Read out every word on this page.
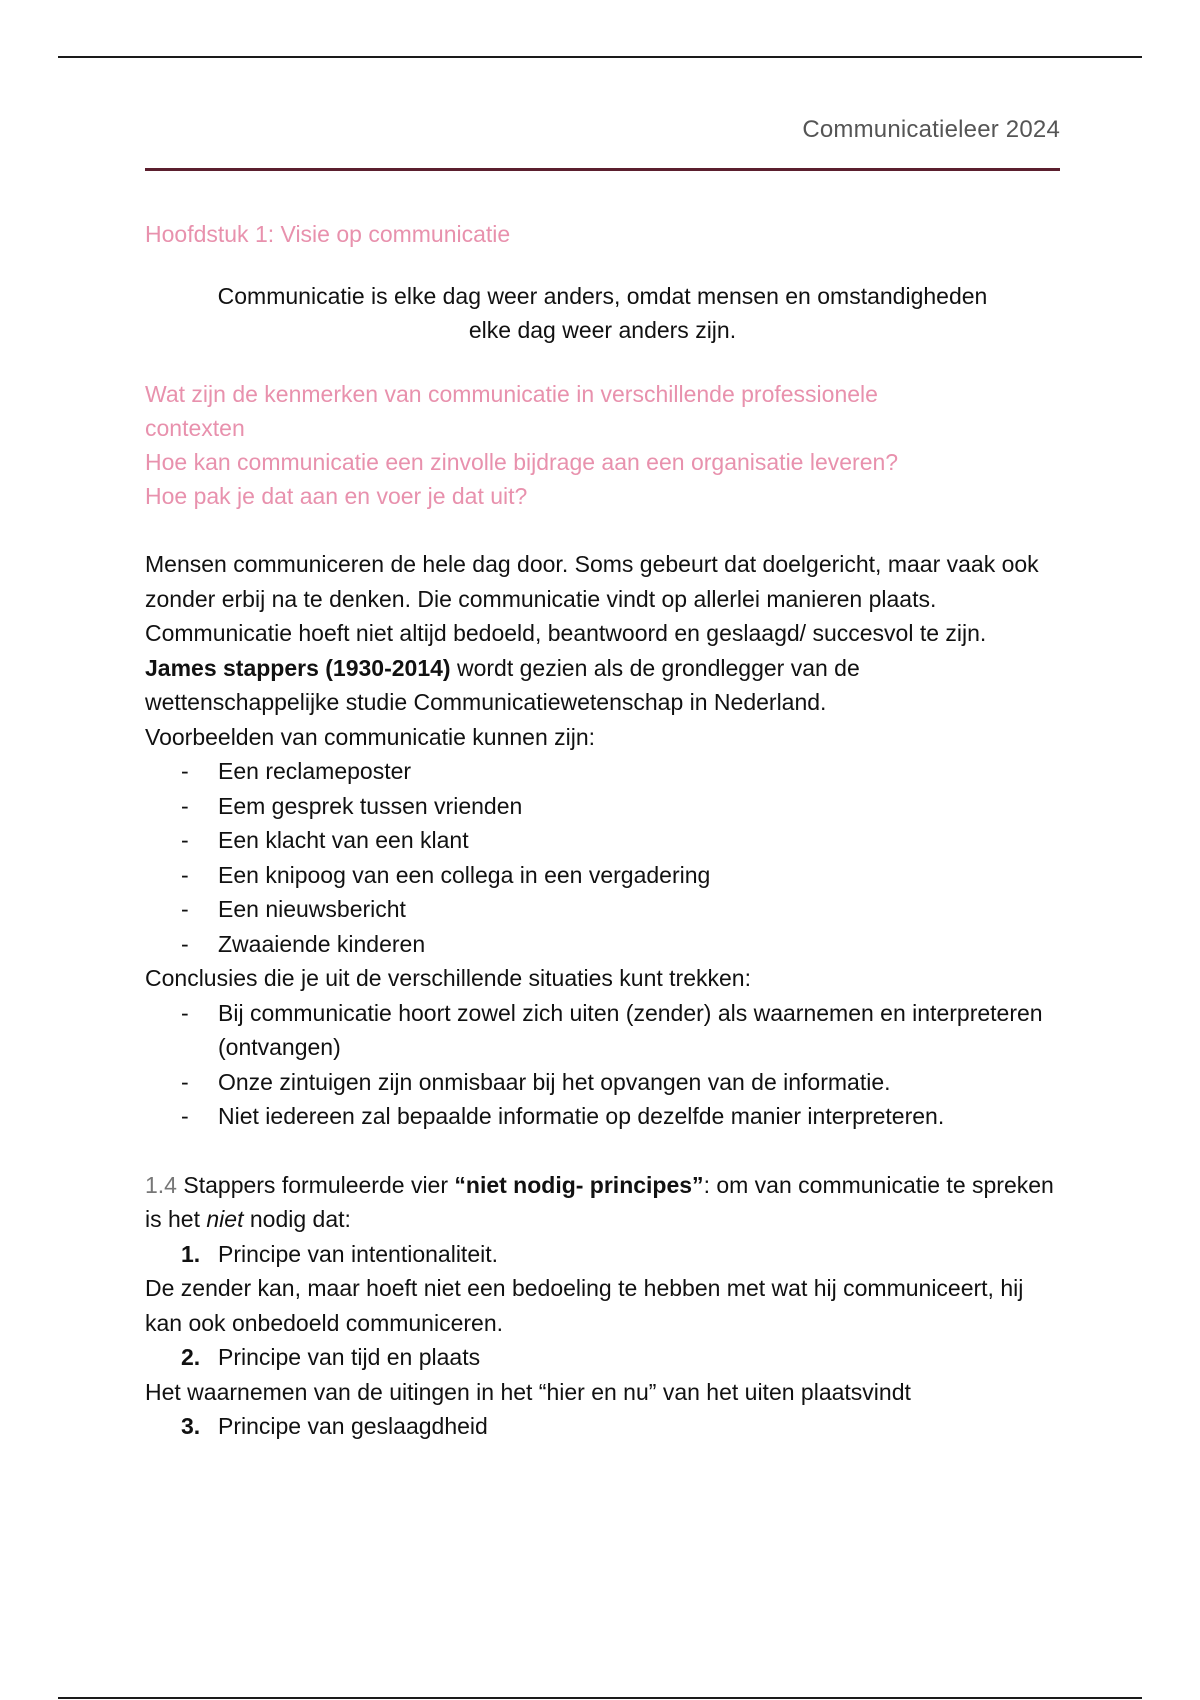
Communicatieleer 2024
Hoofdstuk 1: Visie op communicatie
Communicatie is elke dag weer anders, omdat mensen en omstandigheden
elke dag weer anders zijn.
Wat zijn de kenmerken van communicatie in verschillende professionele
contexten
Hoe kan communicatie een zinvolle bijdrage aan een organisatie leveren?
Hoe pak je dat aan en voer je dat uit?
Mensen communiceren de hele dag door. Soms gebeurt dat doelgericht, maar vaak ook zonder erbij na te denken. Die communicatie vindt op allerlei manieren plaats. Communicatie hoeft niet altijd bedoeld, beantwoord en geslaagd/ succesvol te zijn. James stappers (1930-2014) wordt gezien als de grondlegger van de wettenschappelijke studie Communicatiewetenschap in Nederland.
Voorbeelden van communicatie kunnen zijn:
- Een reclameposter
- Eem gesprek tussen vrienden
- Een klacht van een klant
- Een knipoog van een collega in een vergadering
- Een nieuwsbericht
- Zwaaiende kinderen
Conclusies die je uit de verschillende situaties kunt trekken:
- Bij communicatie hoort zowel zich uiten (zender) als waarnemen en interpreteren (ontvangen)
- Onze zintuigen zijn onmisbaar bij het opvangen van de informatie.
- Niet iedereen zal bepaalde informatie op dezelfde manier interpreteren.
1.4 Stappers formuleerde vier “niet nodig- principes”: om van communicatie te spreken is het niet nodig dat:
1. Principe van intentionaliteit.
De zender kan, maar hoeft niet een bedoeling te hebben met wat hij communiceert, hij kan ook onbedoeld communiceren.
2. Principe van tijd en plaats
Het waarnemen van de uitingen in het “hier en nu” van het uiten plaatsvindt
3. Principe van geslaagdheid
